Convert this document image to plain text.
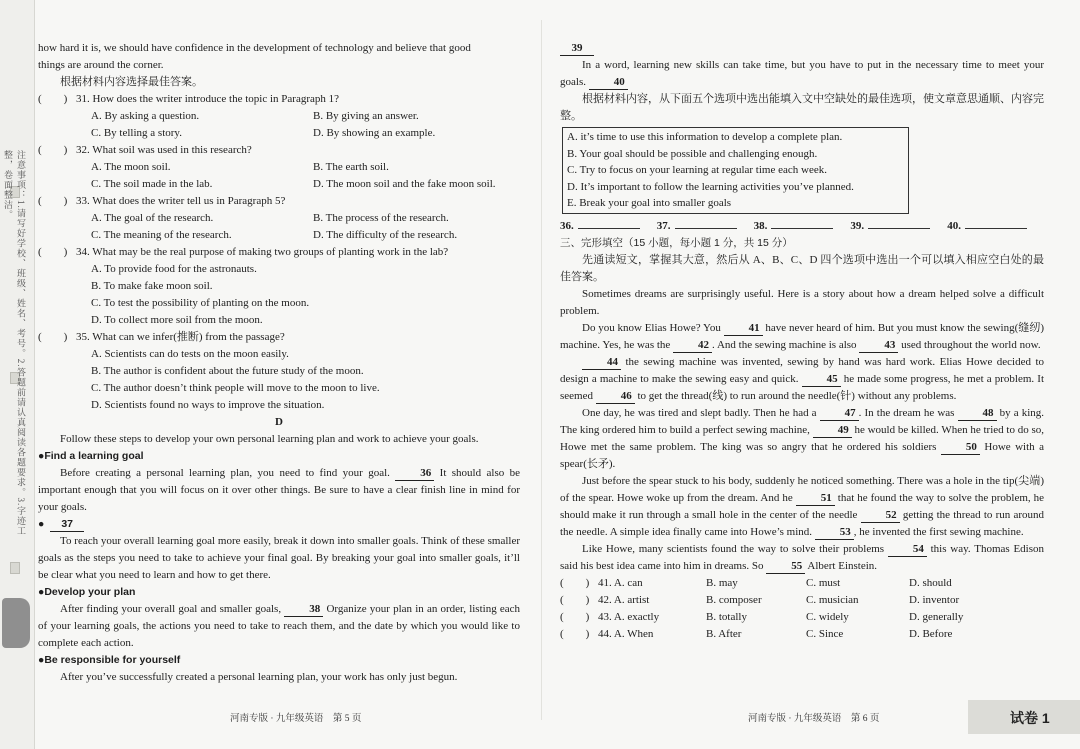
注意事项：1.请写好学校、班级、姓名、考号。2.答题前请认真阅读各题要求。3.字迹工整，卷面整洁。

how hard it is, we should have confidence in the development of technology and believe that good
things are around the corner.

根据材料内容选择最佳答案。

(　　) 31. How does the writer introduce the topic in Paragraph 1?
A. By asking a question.	B. By giving an answer.
C. By telling a story.	D. By showing an example.
(　　) 32. What soil was used in this research?
A. The moon soil.	B. The earth soil.
C. The soil made in the lab.	D. The moon soil and the fake moon soil.
(　　) 33. What does the writer tell us in Paragraph 5?
A. The goal of the research.	B. The process of the research.
C. The meaning of the research.	D. The difficulty of the research.
(　　) 34. What may be the real purpose of making two groups of planting work in the lab?
A. To provide food for the astronauts.
B. To make fake moon soil.
C. To test the possibility of planting on the moon.
D. To collect more soil from the moon.
(　　) 35. What can we infer(推断) from the passage?
A. Scientists can do tests on the moon easily.
B. The author is confident about the future study of the moon.
C. The author doesn’t think people will move to the moon to live.
D. Scientists found no ways to improve the situation.
D

Follow these steps to develop your own personal learning plan and work to achieve your goals.

●Find a learning goal

Before creating a personal learning plan, you need to find your goal.	36 It should also be important enough that you will focus on it over other things. Be sure to have a clear finish line in mind for your goals.

●  37

To reach your overall learning goal more easily, break it down into smaller goals. Think of these smaller goals as the steps you need to take to achieve your final goal. By breaking your goal into smaller goals, it’ll be clear what you need to learn and how to get there.

●Develop your plan

After finding your overall goal and smaller goals,	38 Organize your plan in an order, listing each of your learning goals, the actions you need to take to reach them, and the date by which you would like to complete each action.

●Be responsible for yourself

After you’ve successfully created a personal learning plan, your work has only just begun.

河南专版 · 九年级英语　第 5 页

39

In a word, learning new skills can take time, but you have to put in the necessary time to meet your goals.	40

根据材料内容，从下面五个选项中选出能填入文中空缺处的最佳选项，使文章意思通顺、内容完整。

A. it’s time to use this information to develop a complete plan.
B. Your goal should be possible and challenging enough.
C. Try to focus on your learning at regular time each week.
D. It’s important to follow the learning activities you’ve planned.
E. Break your goal into smaller goals
36.	37.	38.	39.	40.
三、完形填空（15 小题，每小题 1 分，共 15 分）

先通读短文，掌握其大意，然后从 A、B、C、D 四个选项中选出一个可以填入相应空白处的最佳答案。

Sometimes dreams are surprisingly useful. Here is a story about how a dream helped solve a difficult problem.

Do you know Elias Howe? You	41 have never heard of him. But you must know the sewing(缝纫) machine. Yes, he was the	42 . And the sewing machine is also	43 used throughout the world now.

44 the sewing machine was invented, sewing by hand was hard work. Elias Howe decided to design a machine to make the sewing easy and quick.	45 he made some progress, he met a problem. It seemed	46 to get the thread(线) to run around the needle(针) without any problems.

One day, he was tired and slept badly. Then he had a	47 . In the dream he was	48 by a king. The king ordered him to build a perfect sewing machine,	49 he would be killed. When he tried to do so, Howe met the same problem. The king was so angry that he ordered his soldiers	50 Howe with a spear(长矛).

Just before the spear stuck to his body, suddenly he noticed something. There was a hole in the tip(尖端) of the spear. Howe woke up from the dream. And he	51 that he found the way to solve the problem, he should make it run through a small hole in the center of the needle	52 getting the thread to run around the needle. A simple idea finally came into Howe’s mind.	53 , he invented the first sewing machine.

Like Howe, many scientists found the way to solve their problems	54 this way. Thomas Edison said his best idea came into him in dreams. So	55 Albert Einstein.

(　　) 41. A. can	B. may	C. must	D. should
(　　) 42. A. artist	B. composer	C. musician	D. inventor
(　　) 43. A. exactly	B. totally	C. widely	D. generally
(　　) 44. A. When	B. After	C. Since	D. Before
河南专版 · 九年级英语　第 6 页	试卷 1
